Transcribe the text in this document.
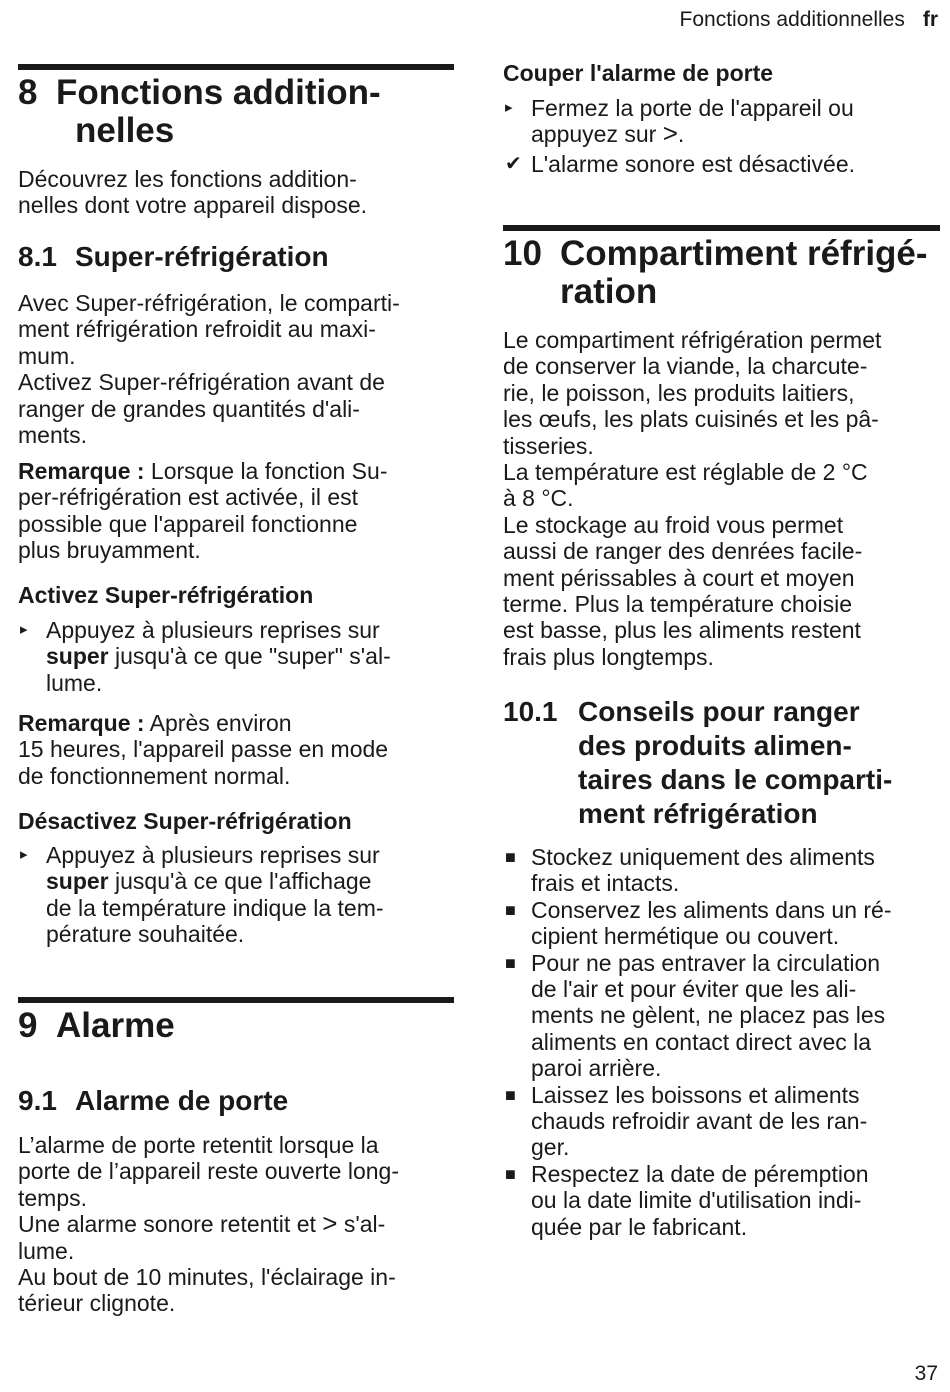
Fonctions additionnelles fr
8 Fonctions addition-
nelles
Découvrez les fonctions addition-
nelles dont votre appareil dispose.
8.1 Super-réfrigération
Avec Super-réfrigération, le comparti-
ment réfrigération refroidit au maxi-
mum.
Activez Super-réfrigération avant de
ranger de grandes quantités d'ali-
ments.
Remarque : Lorsque la fonction Su-
per-réfrigération est activée, il est
possible que l'appareil fonctionne
plus bruyamment.
Activez Super-réfrigération
▸ Appuyez à plusieurs reprises sur
super jusqu'à ce que "super" s'al-
lume.
Remarque : Après environ
15 heures, l'appareil passe en mode
de fonctionnement normal.
Désactivez Super-réfrigération
▸ Appuyez à plusieurs reprises sur
super jusqu'à ce que l'affichage
de la température indique la tem-
pérature souhaitée.
9 Alarme
9.1 Alarme de porte
L’alarme de porte retentit lorsque la
porte de l’appareil reste ouverte long-
temps.
Une alarme sonore retentit et > s'al-
lume.
Au bout de 10 minutes, l'éclairage in-
térieur clignote.
Couper l'alarme de porte
▸ Fermez la porte de l'appareil ou
appuyez sur >.
✔ L'alarme sonore est désactivée.
10 Compartiment réfrigé-
ration
Le compartiment réfrigération permet
de conserver la viande, la charcute-
rie, le poisson, les produits laitiers,
les œufs, les plats cuisinés et les pâ-
tisseries.
La température est réglable de 2 °C
à 8 °C.
Le stockage au froid vous permet
aussi de ranger des denrées facile-
ment périssables à court et moyen
terme. Plus la température choisie
est basse, plus les aliments restent
frais plus longtemps.
10.1 Conseils pour ranger
des produits alimen-
taires dans le comparti-
ment réfrigération
■ Stockez uniquement des aliments
frais et intacts.
■ Conservez les aliments dans un ré-
cipient hermétique ou couvert.
■ Pour ne pas entraver la circulation
de l'air et pour éviter que les ali-
ments ne gèlent, ne placez pas les
aliments en contact direct avec la
paroi arrière.
■ Laissez les boissons et aliments
chauds refroidir avant de les ran-
ger.
■ Respectez la date de péremption
ou la date limite d'utilisation indi-
quée par le fabricant.
37
